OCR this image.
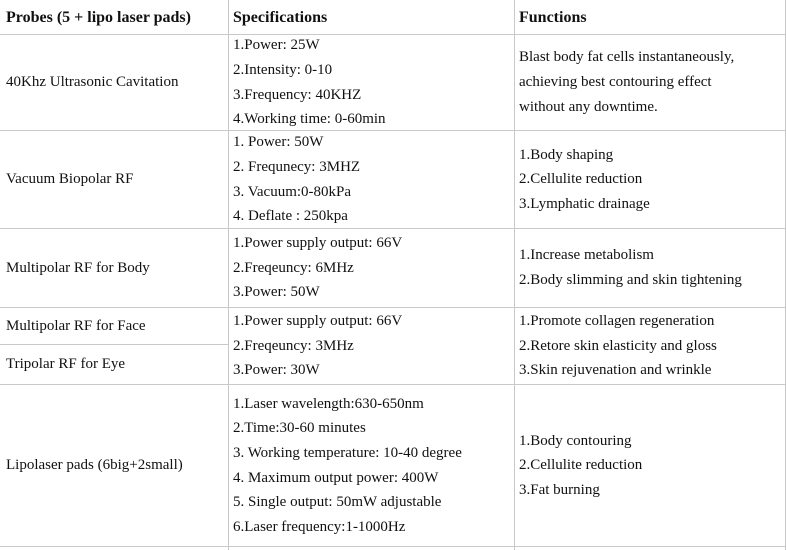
Probes (5 + lipo laser pads)	Specifications	Functions
40Khz Ultrasonic Cavitation
1.Power: 25W
2.Intensity: 0-10
3.Frequency: 40KHZ
4.Working time: 0-60min
Blast body fat cells instantaneously,
achieving best contouring effect
without any downtime.
Vacuum Biopolar RF
1. Power: 50W
2. Frequnecy: 3MHZ
3. Vacuum:0-80kPa
4. Deflate : 250kpa
1.Body shaping
2.Cellulite reduction
3.Lymphatic drainage
Multipolar RF for Body
1.Power supply output: 66V
2.Freqeuncy: 6MHz
3.Power: 50W
1.Increase metabolism
2.Body slimming and skin tightening
Multipolar RF for Face
Tripolar RF for Eye
1.Power supply output: 66V
2.Freqeuncy: 3MHz
3.Power: 30W
1.Promote collagen regeneration
2.Retore skin elasticity and gloss
3.Skin rejuvenation and wrinkle
Lipolaser pads (6big+2small)
1.Laser wavelength:630-650nm
2.Time:30-60 minutes
3. Working temperature: 10-40 degree
4. Maximum output power: 400W
5. Single output: 50mW adjustable
6.Laser frequency:1-1000Hz
1.Body contouring
2.Cellulite reduction
3.Fat burning
